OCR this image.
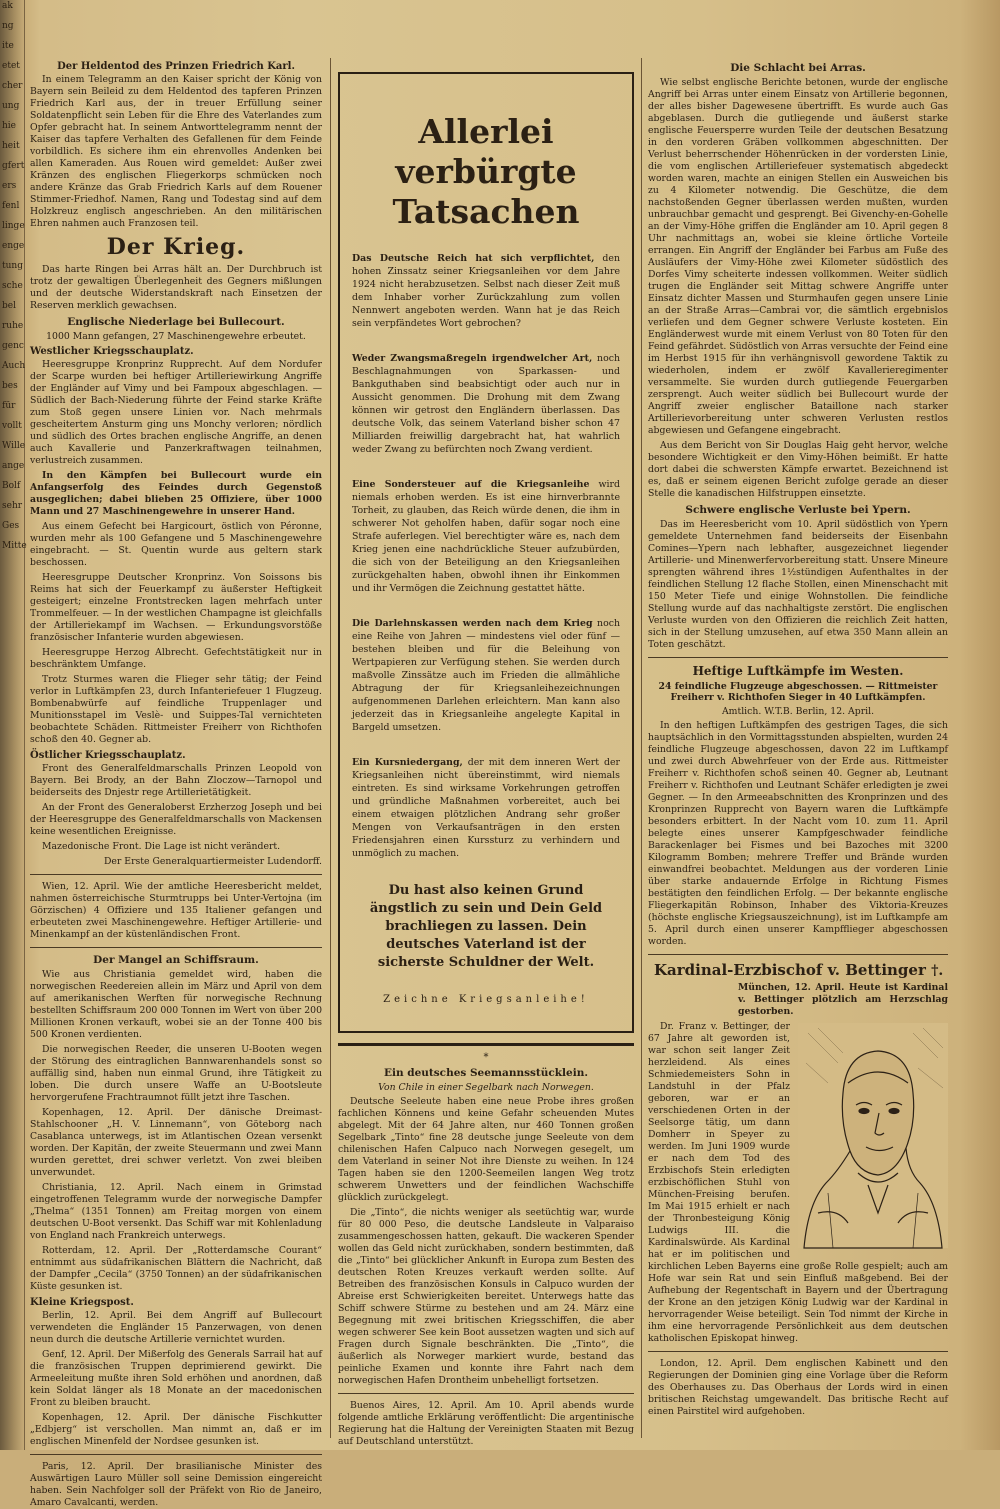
ak
ng
ite
etet
cher
ung
hie
heit
gfert
ers
fenl
linge
enge
tung
sche
bel
ruhe
genc
Auch
bes
für
vollt
Wille
ange
Bolf
sehr
Ges
Mitte
Der Heldentod des Prinzen Friedrich Karl.

In einem Telegramm an den Kaiser spricht der König von Bayern sein Beileid zu dem Heldentod des tapferen Prinzen Friedrich Karl aus, der in treuer Erfüllung seiner Soldatenpflicht sein Leben für die Ehre des Vaterlandes zum Opfer gebracht hat. In seinem Antworttelegramm nennt der Kaiser das tapfere Verhalten des Gefallenen für dem Feinde vorbildlich. Es sichere ihm ein ehrenvolles Andenken bei allen Kameraden. Aus Rouen wird gemeldet: Außer zwei Kränzen des englischen Fliegerkorps schmücken noch andere Kränze das Grab Friedrich Karls auf dem Rouener Stimmer-Friedhof. Namen, Rang und Todestag sind auf dem Holzkreuz englisch angeschrieben. An den militärischen Ehren nahmen auch Franzosen teil.

Der Krieg.

Das harte Ringen bei Arras hält an. Der Durchbruch ist trotz der gewaltigen Überlegenheit des Gegners mißlungen und der deutsche Widerstandskraft nach Einsetzen der Reserven merklich gewachsen.

Englische Niederlage bei Bullecourt.
1000 Mann gefangen, 27 Maschinengewehre erbeutet.
Westlicher Kriegsschauplatz.

Heeresgruppe Kronprinz Rupprecht. Auf dem Nordufer der Scarpe wurden bei heftiger Artilleriewirkung Angriffe der Engländer auf Vimy und bei Fampoux abgeschlagen. — Südlich der Bach-Niederung führte der Feind starke Kräfte zum Stoß gegen unsere Linien vor. Nach mehrmals gescheitertem Ansturm ging uns Monchy verloren; nördlich und südlich des Ortes brachen englische Angriffe, an denen auch Kavallerie und Panzerkraftwagen teilnahmen, verlustreich zusammen.

In den Kämpfen bei Bullecourt wurde ein Anfangserfolg des Feindes durch Gegenstoß ausgeglichen; dabei blieben 25 Offiziere, über 1000 Mann und 27 Maschinengewehre in unserer Hand.

Aus einem Gefecht bei Hargicourt, östlich von Péronne, wurden mehr als 100 Gefangene und 5 Maschinengewehre eingebracht. — St. Quentin wurde aus geltern stark beschossen.

Heeresgruppe Deutscher Kronprinz. Von Soissons bis Reims hat sich der Feuerkampf zu äußerster Heftigkeit gesteigert; einzelne Frontstrecken lagen mehrfach unter Trommelfeuer. — In der westlichen Champagne ist gleichfalls der Artilleriekampf im Wachsen. — Erkundungsvorstöße französischer Infanterie wurden abgewiesen.

Heeresgruppe Herzog Albrecht. Gefechtstätigkeit nur in beschränktem Umfange.

Trotz Sturmes waren die Flieger sehr tätig; der Feind verlor in Luftkämpfen 23, durch Infanteriefeuer 1 Flugzeug. Bombenabwürfe auf feindliche Truppenlager und Munitionsstapel im Veslè- und Suippes-Tal vernichteten beobachtete Schäden. Rittmeister Freiherr von Richthofen schoß den 40. Gegner ab.

Östlicher Kriegsschauplatz.

Front des Generalfeldmarschalls Prinzen Leopold von Bayern. Bei Brody, an der Bahn Zloczow—Tarnopol und beiderseits des Dnjestr rege Artillerietätigkeit.

An der Front des Generaloberst Erzherzog Joseph und bei der Heeresgruppe des Generalfeldmarschalls von Mackensen keine wesentlichen Ereignisse.

Mazedonische Front. Die Lage ist nicht verändert.

Der Erste Generalquartiermeister Ludendorff.

Wien, 12. April. Wie der amtliche Heeresbericht meldet, nahmen österreichische Sturmtrupps bei Unter-Vertojna (im Görzischen) 4 Offiziere und 135 Italiener gefangen und erbeuteten zwei Maschinengewehre. Heftiger Artillerie- und Minenkampf an der küstenländischen Front.

Der Mangel an Schiffsraum.

Wie aus Christiania gemeldet wird, haben die norwegischen Reedereien allein im März und April von dem auf amerikanischen Werften für norwegische Rechnung bestellten Schiffsraum 200 000 Tonnen im Wert von über 200 Millionen Kronen verkauft, wobei sie an der Tonne 400 bis 500 Kronen verdienten.

Die norwegischen Reeder, die unseren U-Booten wegen der Störung des eintraglichen Bannwarenhandels sonst so auffällig sind, haben nun einmal Grund, ihre Tätigkeit zu loben. Die durch unsere Waffe an U-Bootsleute hervorgerufene Frachtraumnot füllt jetzt ihre Taschen.

Kopenhagen, 12. April. Der dänische Dreimast-Stahlschooner „H. V. Linnemann“, von Göteborg nach Casablanca unterwegs, ist im Atlantischen Ozean versenkt worden. Der Kapitän, der zweite Steuermann und zwei Mann wurden gerettet, drei schwer verletzt. Von zwei bleiben unverwundet.

Christiania, 12. April. Nach einem in Grimstad eingetroffenen Telegramm wurde der norwegische Dampfer „Thelma“ (1351 Tonnen) am Freitag morgen von einem deutschen U-Boot versenkt. Das Schiff war mit Kohlenladung von England nach Frankreich unterwegs.

Rotterdam, 12. April. Der „Rotterdamsche Courant“ entnimmt aus südafrikanischen Blättern die Nachricht, daß der Dampfer „Cecila“ (3750 Tonnen) an der südafrikanischen Küste gesunken ist.

Kleine Kriegspost.

Berlin, 12. April. Bei dem Angriff auf Bullecourt verwendeten die Engländer 15 Panzerwagen, von denen neun durch die deutsche Artillerie vernichtet wurden.

Genf, 12. April. Der Mißerfolg des Generals Sarrail hat auf die französischen Truppen deprimierend gewirkt. Die Armeeleitung mußte ihren Sold erhöhen und anordnen, daß kein Soldat länger als 18 Monate an der macedonischen Front zu bleiben braucht.

Kopenhagen, 12. April. Der dänische Fischkutter „Edbjerg“ ist verschollen. Man nimmt an, daß er im englischen Minenfeld der Nordsee gesunken ist.

Paris, 12. April. Der brasilianische Minister des Auswärtigen Lauro Müller soll seine Demission eingereicht haben. Sein Nachfolger soll der Präfekt von Rio de Janeiro, Amaro Cavalcanti, werden.

Allerlei
verbürgte Tatsachen
Das Deutsche Reich hat sich verpflichtet, den hohen Zinssatz seiner Kriegsanleihen vor dem Jahre 1924 nicht herabzusetzen. Selbst nach dieser Zeit muß dem Inhaber vorher Zurückzahlung zum vollen Nennwert angeboten werden. Wann hat je das Reich sein verpfändetes Wort gebrochen?
Weder Zwangsmaßregeln irgendwelcher Art, noch Beschlagnahmungen von Sparkassen- und Bankguthaben sind beabsichtigt oder auch nur in Aussicht genommen. Die Drohung mit dem Zwang können wir getrost den Engländern überlassen. Das deutsche Volk, das seinem Vaterland bisher schon 47 Milliarden freiwillig dargebracht hat, hat wahrlich weder Zwang zu befürchten noch Zwang verdient.
Eine Sondersteuer auf die Kriegsanleihe wird niemals erhoben werden. Es ist eine hirnverbrannte Torheit, zu glauben, das Reich würde denen, die ihm in schwerer Not geholfen haben, dafür sogar noch eine Strafe auferlegen. Viel berechtigter wäre es, nach dem Krieg jenen eine nachdrückliche Steuer aufzubürden, die sich von der Beteiligung an den Kriegsanleihen zurückgehalten haben, obwohl ihnen ihr Einkommen und ihr Vermögen die Zeichnung gestattet hätte.
Die Darlehnskassen werden nach dem Krieg noch eine Reihe von Jahren — mindestens viel oder fünf — bestehen bleiben und für die Beleihung von Wertpapieren zur Verfügung stehen. Sie werden durch maßvolle Zinssätze auch im Frieden die allmähliche Abtragung der für Kriegsanleihezeichnungen aufgenommenen Darlehen erleichtern. Man kann also jederzeit das in Kriegsanleihe angelegte Kapital in Bargeld umsetzen.
Ein Kursniedergang, der mit dem inneren Wert der Kriegsanleihen nicht übereinstimmt, wird niemals eintreten. Es sind wirksame Vorkehrungen getroffen und gründliche Maßnahmen vorbereitet, auch bei einem etwaigen plötzlichen Andrang sehr großer Mengen von Verkaufsanträgen in den ersten Friedensjahren einen Kurssturz zu verhindern und unmöglich zu machen.
Du hast also keinen Grund ängstlich zu sein und Dein Geld brachliegen zu lassen. Dein deutsches Vaterland ist der sicherste Schuldner der Welt.
Zeichne Kriegsanleihe!
*
Ein deutsches Seemannsstücklein.
Von Chile in einer Segelbark nach Norwegen.

Deutsche Seeleute haben eine neue Probe ihres großen fachlichen Könnens und keine Gefahr scheuenden Mutes abgelegt. Mit der 64 Jahre alten, nur 460 Tonnen großen Segelbark „Tinto“ fine 28 deutsche junge Seeleute von dem chilenischen Hafen Calpuco nach Norwegen gesegelt, um dem Vaterland in seiner Not ihre Dienste zu weihen. In 124 Tagen haben sie den 1200-Seemeilen langen Weg trotz schwerem Unwetters und der feindlichen Wachschiffe glücklich zurückgelegt.

Die „Tinto“, die nichts weniger als seetüchtig war, wurde für 80 000 Peso, die deutsche Landsleute in Valparaiso zusammengeschossen hatten, gekauft. Die wackeren Spender wollen das Geld nicht zurückhaben, sondern bestimmten, daß die „Tinto“ bei glücklicher Ankunft in Europa zum Besten des deutschen Roten Kreuzes verkauft werden sollte. Auf Betreiben des französischen Konsuls in Calpuco wurden der Abreise erst Schwierigkeiten bereitet. Unterwegs hatte das Schiff schwere Stürme zu bestehen und am 24. März eine Begegnung mit zwei britischen Kriegsschiffen, die aber wegen schwerer See kein Boot aussetzen wagten und sich auf Fragen durch Signale beschränkten. Die „Tinto“, die äußerlich als Norweger markiert wurde, bestand das peinliche Examen und konnte ihre Fahrt nach dem norwegischen Hafen Drontheim unbehelligt fortsetzen.

Buenos Aires, 12. April. Am 10. April abends wurde folgende amtliche Erklärung veröffentlicht: Die argentinische Regierung hat die Haltung der Vereinigten Staaten mit Bezug auf Deutschland unterstützt.

Die Schlacht bei Arras.

Wie selbst englische Berichte betonen, wurde der englische Angriff bei Arras unter einem Einsatz von Artillerie begonnen, der alles bisher Dagewesene übertrifft. Es wurde auch Gas abgeblasen. Durch die gutliegende und äußerst starke englische Feuersperre wurden Teile der deutschen Besatzung in den vorderen Gräben vollkommen abgeschnitten. Der Verlust beherrschender Höhenrücken in der vordersten Linie, die vom englischen Artilleriefeuer systematisch abgedeckt worden waren, machte an einigen Stellen ein Ausweichen bis zu 4 Kilometer notwendig. Die Geschütze, die dem nachstoßenden Gegner überlassen werden mußten, wurden unbrauchbar gemacht und gesprengt. Bei Givenchy-en-Gohelle an der Vimy-Höhe griffen die Engländer am 10. April gegen 8 Uhr nachmittags an, wobei sie kleine örtliche Vorteile errangen. Ein Angriff der Engländer bei Farbus am Fuße des Ausläufers der Vimy-Höhe zwei Kilometer südöstlich des Dorfes Vimy scheiterte indessen vollkommen. Weiter südlich trugen die Engländer seit Mittag schwere Angriffe unter Einsatz dichter Massen und Sturmhaufen gegen unsere Linie an der Straße Arras—Cambrai vor, die sämtlich ergebnislos verliefen und dem Gegner schwere Verluste kosteten. Ein Engländerwest wurde mit einem Verlust von 80 Toten für den Feind gefährdet. Südöstlich von Arras versuchte der Feind eine im Herbst 1915 für ihn verhängnisvoll gewordene Taktik zu wiederholen, indem er zwölf Kavallerieregimenter versammelte. Sie wurden durch gutliegende Feuergarben zersprengt. Auch weiter südlich bei Bullecourt wurde der Angriff zweier englischer Bataillone nach starker Artillerievorbereitung unter schweren Verlusten restlos abgewiesen und Gefangene eingebracht.

Aus dem Bericht von Sir Douglas Haig geht hervor, welche besondere Wichtigkeit er den Vimy-Höhen beimißt. Er hatte dort dabei die schwersten Kämpfe erwartet. Bezeichnend ist es, daß er seinem eigenen Bericht zufolge gerade an dieser Stelle die kanadischen Hilfstruppen einsetzte.

Schwere englische Verluste bei Ypern.

Das im Heeresbericht vom 10. April südöstlich von Ypern gemeldete Unternehmen fand beiderseits der Eisenbahn Comines—Ypern nach lebhafter, ausgezeichnet liegender Artillerie- und Minenwerfervorbereitung statt. Unsere Mineure sprengten während ihres 1½stündigen Aufenthaltes in der feindlichen Stellung 12 flache Stollen, einen Minenschacht mit 150 Meter Tiefe und einige Wohnstollen. Die feindliche Stellung wurde auf das nachhaltigste zerstört. Die englischen Verluste wurden von den Offizieren die reichlich Zeit hatten, sich in der Stellung umzusehen, auf etwa 350 Mann allein an Toten geschätzt.

Heftige Luftkämpfe im Westen.
24 feindliche Flugzeuge abgeschossen. — Rittmeister Freiherr v. Richthofen Sieger in 40 Luftkämpfen.
Amtlich. W.T.B. Berlin, 12. April.

In den heftigen Luftkämpfen des gestrigen Tages, die sich hauptsächlich in den Vormittagsstunden abspielten, wurden 24 feindliche Flugzeuge abgeschossen, davon 22 im Luftkampf und zwei durch Abwehrfeuer von der Erde aus. Rittmeister Freiherr v. Richthofen schoß seinen 40. Gegner ab, Leutnant Freiherr v. Richthofen und Leutnant Schäfer erledigten je zwei Gegner. — In den Armeeabschnitten des Kronprinzen und des Kronprinzen Rupprecht von Bayern waren die Luftkämpfe besonders erbittert. In der Nacht vom 10. zum 11. April belegte eines unserer Kampfgeschwader feindliche Barackenlager bei Fismes und bei Bazoches mit 3200 Kilogramm Bomben; mehrere Treffer und Brände wurden einwandfrei beobachtet. Meldungen aus der vorderen Linie über starke andauernde Erfolge in Richtung Fismes bestätigten den feindlichen Erfolg. — Der bekannte englische Fliegerkapitän Robinson, Inhaber des Viktoria-Kreuzes (höchste englische Kriegsauszeichnung), ist im Luftkampfe am 5. April durch einen unserer Kampfflieger abgeschossen worden.

Kardinal-Erzbischof v. Bettinger †.

München, 12. April. Heute ist Kardinal v. Bettinger plötzlich am Herzschlag gestorben.

Dr. Franz v. Bettinger, der 67 Jahre alt geworden ist, war schon seit langer Zeit herzleidend. Als eines Schmiedemeisters Sohn in Landstuhl in der Pfalz geboren, war er an verschiedenen Orten in der Seelsorge tätig, um dann Domherr in Speyer zu werden. Im Juni 1909 wurde er nach dem Tod des Erzbischofs Stein erledigten erzbischöflichen Stuhl von München-Freising berufen. Im Mai 1915 erhielt er nach der Thronbesteigung König Ludwigs III. die Kardinalswürde. Als Kardinal hat er im politischen und kirchlichen Leben Bayerns eine große Rolle gespielt; auch am Hofe war sein Rat und sein Einfluß maßgebend. Bei der Aufhebung der Regentschaft in Bayern und der Übertragung der Krone an den jetzigen König Ludwig war der Kardinal in hervorragender Weise beteiligt. Sein Tod nimmt der Kirche in ihm eine hervorragende Persönlichkeit aus dem deutschen katholischen Episkopat hinweg.

London, 12. April. Dem englischen Kabinett und den Regierungen der Dominien ging eine Vorlage über die Reform des Oberhauses zu. Das Oberhaus der Lords wird in einen britischen Reichstag umgewandelt. Das britische Recht auf einen Pairstitel wird aufgehoben.
